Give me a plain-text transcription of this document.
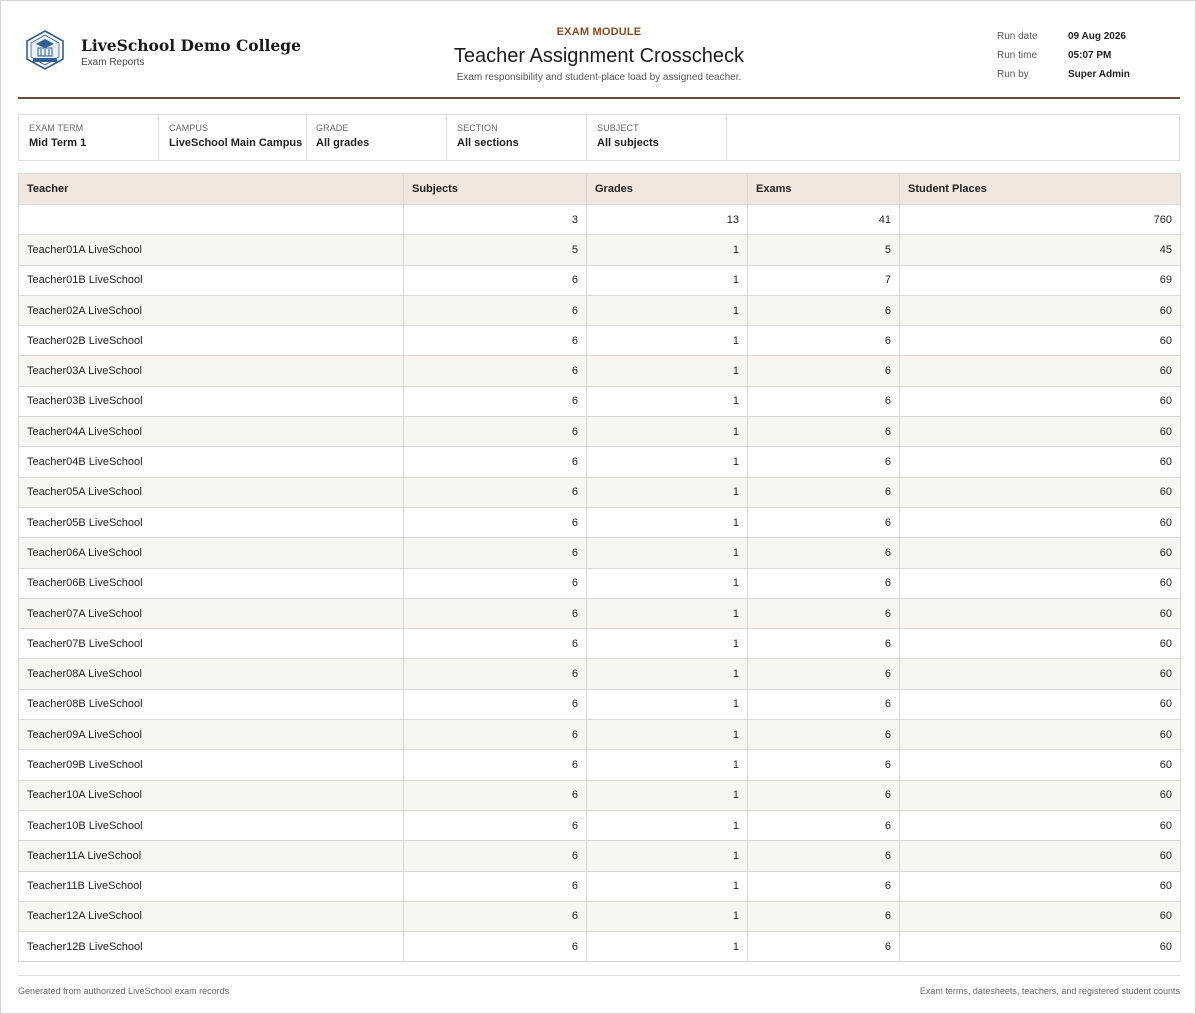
LiveSchool Demo College
Exam Reports
EXAM MODULE
Teacher Assignment Crosscheck
Exam responsibility and student-place load by assigned teacher.
Run date	09 Aug 2026
Run time	05:07 PM
Run by	Super Admin
EXAM TERM
Mid Term 1
CAMPUS
LiveSchool Main Campus
GRADE
All grades
SECTION
All sections
SUBJECT
All subjects
Teacher	Subjects	Grades	Exams	Student Places
	3	13	41	760
Teacher01A LiveSchool	5	1	5	45
Teacher01B LiveSchool	6	1	7	69
Teacher02A LiveSchool	6	1	6	60
Teacher02B LiveSchool	6	1	6	60
Teacher03A LiveSchool	6	1	6	60
Teacher03B LiveSchool	6	1	6	60
Teacher04A LiveSchool	6	1	6	60
Teacher04B LiveSchool	6	1	6	60
Teacher05A LiveSchool	6	1	6	60
Teacher05B LiveSchool	6	1	6	60
Teacher06A LiveSchool	6	1	6	60
Teacher06B LiveSchool	6	1	6	60
Teacher07A LiveSchool	6	1	6	60
Teacher07B LiveSchool	6	1	6	60
Teacher08A LiveSchool	6	1	6	60
Teacher08B LiveSchool	6	1	6	60
Teacher09A LiveSchool	6	1	6	60
Teacher09B LiveSchool	6	1	6	60
Teacher10A LiveSchool	6	1	6	60
Teacher10B LiveSchool	6	1	6	60
Teacher11A LiveSchool	6	1	6	60
Teacher11B LiveSchool	6	1	6	60
Teacher12A LiveSchool	6	1	6	60
Teacher12B LiveSchool	6	1	6	60
Generated from authorized LiveSchool exam records	Exam terms, datesheets, teachers, and registered student counts
